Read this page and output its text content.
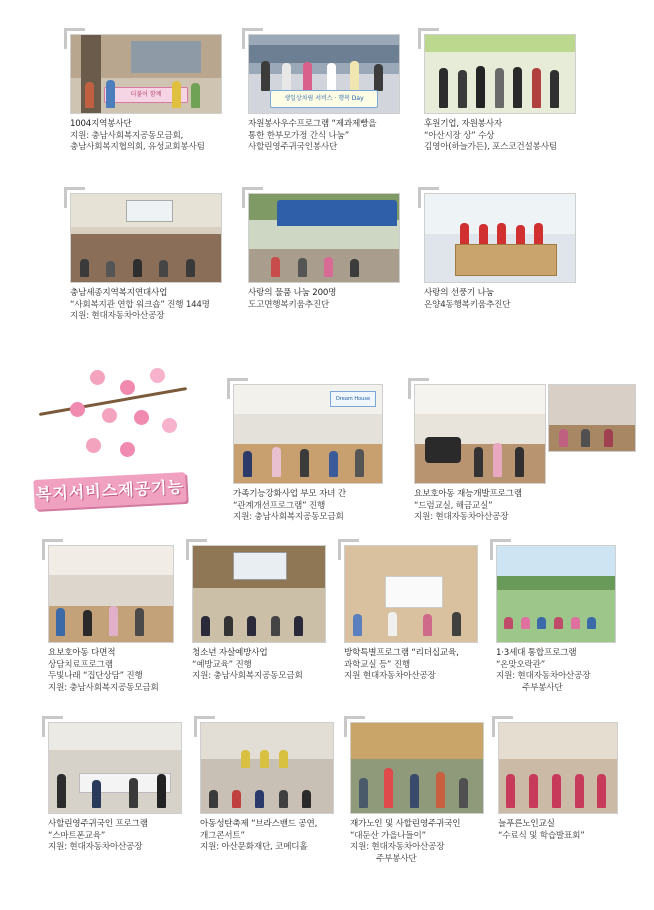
더불어 함께
1004지역봉사단
지원: 충남사회복지공동모금회,
충남사회복지협의회, 유성교회봉사팀
생일상차림 서비스 · 행복 Day
자원봉사우수프로그램 “제과제빵을
통한 한부모가정 간식 나눔”
사할린영주귀국인봉사단
후원기업, 자원봉사자
“아산시장 상” 수상
김영아(하늘가든), 포스코건설봉사팀
충남세종지역복지연대사업
“사회복지관 연합 워크숍” 진행 144명
지원: 현대자동차아산공장
사랑의 물품 나눔 200명
도고면행복키움추진단
사랑의 선풍기 나눔
온양4동행복키움추진단
복지서비스제공기능
Dream House
가족기능강화사업 부모 자녀 간
“관계개선프로그램” 진행
지원: 충남사회복지공동모금회
요보호아동 재능개발프로그램
“드럼교실, 해금교실”
지원: 현대자동차아산공장
요보호아동 다면적
상담치료프로그램
두빛나래 “집단상담” 진행
지원: 충남사회복지공동모금회
청소년 자살예방사업
“예방교육” 진행
지원: 충남사회복지공동모금회
방학특별프로그램 “리더십교육,
과학교실 등” 진행
지원 현대자동차아산공장
1·3세대 통합프로그램
“온맞오락관”
지원: 현대자동차아산공장
주부봉사단
사할린영주귀국인 프로그램
“스마트폰교육”
지원: 현대자동차아산공장
아동성탄축제 “브라스밴드 공연,
개그콘서트”
지원: 아산문화재단, 코메디홀
재가노인 및 사할린영주귀국인
“대둔산 가을나들이”
지원: 현대자동차아산공장
주부봉사단
늘푸른노인교실
“수료식 및 학습발표회”
